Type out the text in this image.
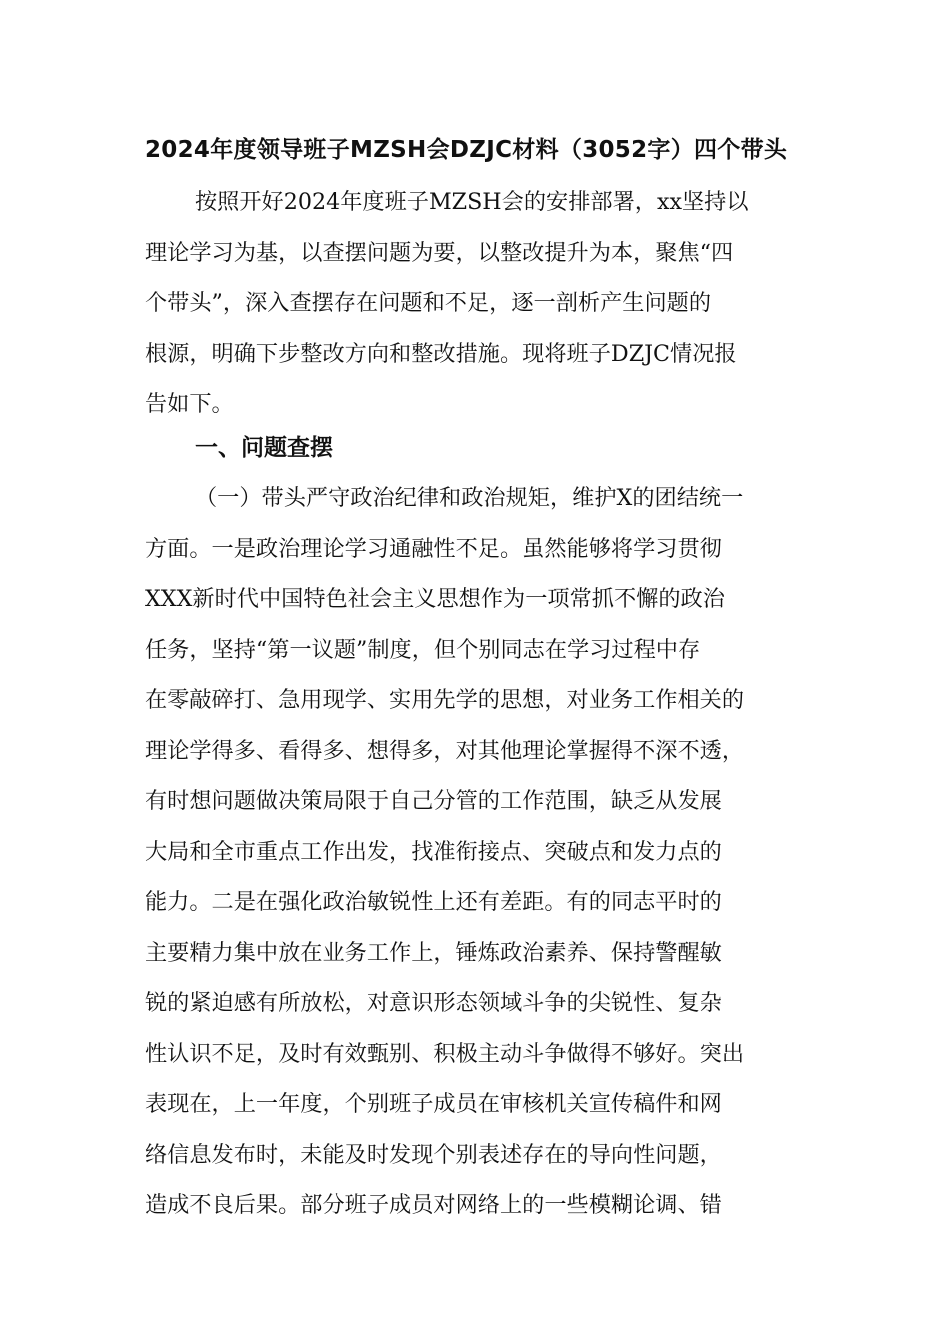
2024年度领导班子MZSH会DZJC材料（3052字）四个带头
按照开好2024年度班子MZSH会的安排部署，xx坚持以
理论学习为基，以查摆问题为要，以整改提升为本，聚焦“四
个带头”，深入查摆存在问题和不足，逐一剖析产生问题的
根源，明确下步整改方向和整改措施。现将班子DZJC情况报
告如下。
一、问题查摆
（一）带头严守政治纪律和政治规矩，维护X的团结统一
方面。一是政治理论学习通融性不足。虽然能够将学习贯彻
XXX新时代中国特色社会主义思想作为一项常抓不懈的政治
任务，坚持“第一议题”制度，但个别同志在学习过程中存
在零敲碎打、急用现学、实用先学的思想，对业务工作相关的
理论学得多、看得多、想得多，对其他理论掌握得不深不透，
有时想问题做决策局限于自己分管的工作范围，缺乏从发展
大局和全市重点工作出发，找准衔接点、突破点和发力点的
能力。二是在强化政治敏锐性上还有差距。有的同志平时的
主要精力集中放在业务工作上，锤炼政治素养、保持警醒敏
锐的紧迫感有所放松，对意识形态领域斗争的尖锐性、复杂
性认识不足，及时有效甄别、积极主动斗争做得不够好。突出
表现在，上一年度，个别班子成员在审核机关宣传稿件和网
络信息发布时，未能及时发现个别表述存在的导向性问题，
造成不良后果。部分班子成员对网络上的一些模糊论调、错
